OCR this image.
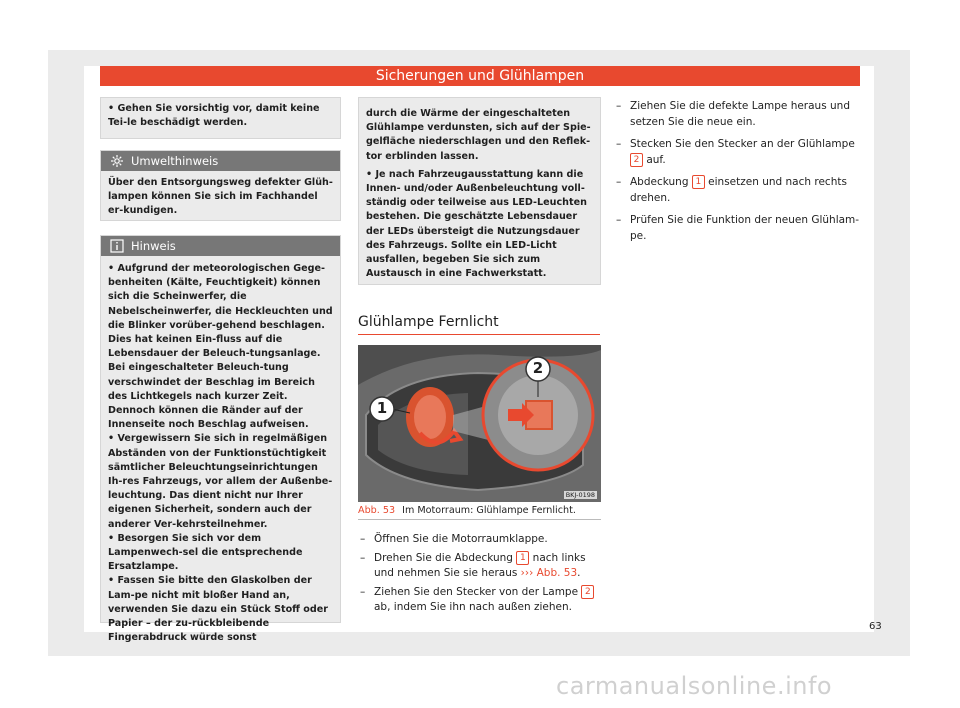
Sicherungen und Glühlampen

• Gehen Sie vorsichtig vor, damit keine Tei-le beschädigt werden.

Umwelthinweis

Über den Entsorgungsweg defekter Glüh-lampen können Sie sich im Fachhandel er-kundigen.

Hinweis

• Aufgrund der meteorologischen Gege-benheiten (Kälte, Feuchtigkeit) können sich die Scheinwerfer, die Nebelscheinwerfer, die Heckleuchten und die Blinker vorüber-gehend beschlagen. Dies hat keinen Ein-fluss auf die Lebensdauer der Beleuch-tungsanlage. Bei eingeschalteter Beleuch-tung verschwindet der Beschlag im Bereich des Lichtkegels nach kurzer Zeit. Dennoch können die Ränder auf der Innenseite noch Beschlag aufweisen.

• Vergewissern Sie sich in regelmäßigen Abständen von der Funktionstüchtigkeit sämtlicher Beleuchtungseinrichtungen Ih-res Fahrzeugs, vor allem der Außenbe-leuchtung. Das dient nicht nur Ihrer eigenen Sicherheit, sondern auch der anderer Ver-kehrsteilnehmer.

• Besorgen Sie sich vor dem Lampenwech-sel die entsprechende Ersatzlampe.

• Fassen Sie bitte den Glaskolben der Lam-pe nicht mit bloßer Hand an, verwenden Sie dazu ein Stück Stoff oder Papier – der zu-rückbleibende Fingerabdruck würde sonst

durch die Wärme der eingeschalteten Glühlampe verdunsten, sich auf der Spie-gelfläche niederschlagen und den Reflek-tor erblinden lassen.

• Je nach Fahrzeugausstattung kann die Innen- und/oder Außenbeleuchtung voll-ständig oder teilweise aus LED-Leuchten bestehen. Die geschätzte Lebensdauer der LEDs übersteigt die Nutzungsdauer des Fahrzeugs. Sollte ein LED-Licht ausfallen, begeben Sie sich zum Austausch in eine Fachwerkstatt.

Glühlampe Fernlicht
2
1
BKJ-0198
Abb. 53 Im Motorraum: Glühlampe Fernlicht.
– Öffnen Sie die Motorraumklappe.
– Drehen Sie die Abdeckung 1 nach links und nehmen Sie sie heraus ››› Abb. 53.
– Ziehen Sie den Stecker von der Lampe 2 ab, indem Sie ihn nach außen ziehen.
– Ziehen Sie die defekte Lampe heraus und setzen Sie die neue ein.
– Stecken Sie den Stecker an der Glühlampe 2 auf.
– Abdeckung 1 einsetzen und nach rechts drehen.
– Prüfen Sie die Funktion der neuen Glühlam-pe.
63
carmanualsonline.info
